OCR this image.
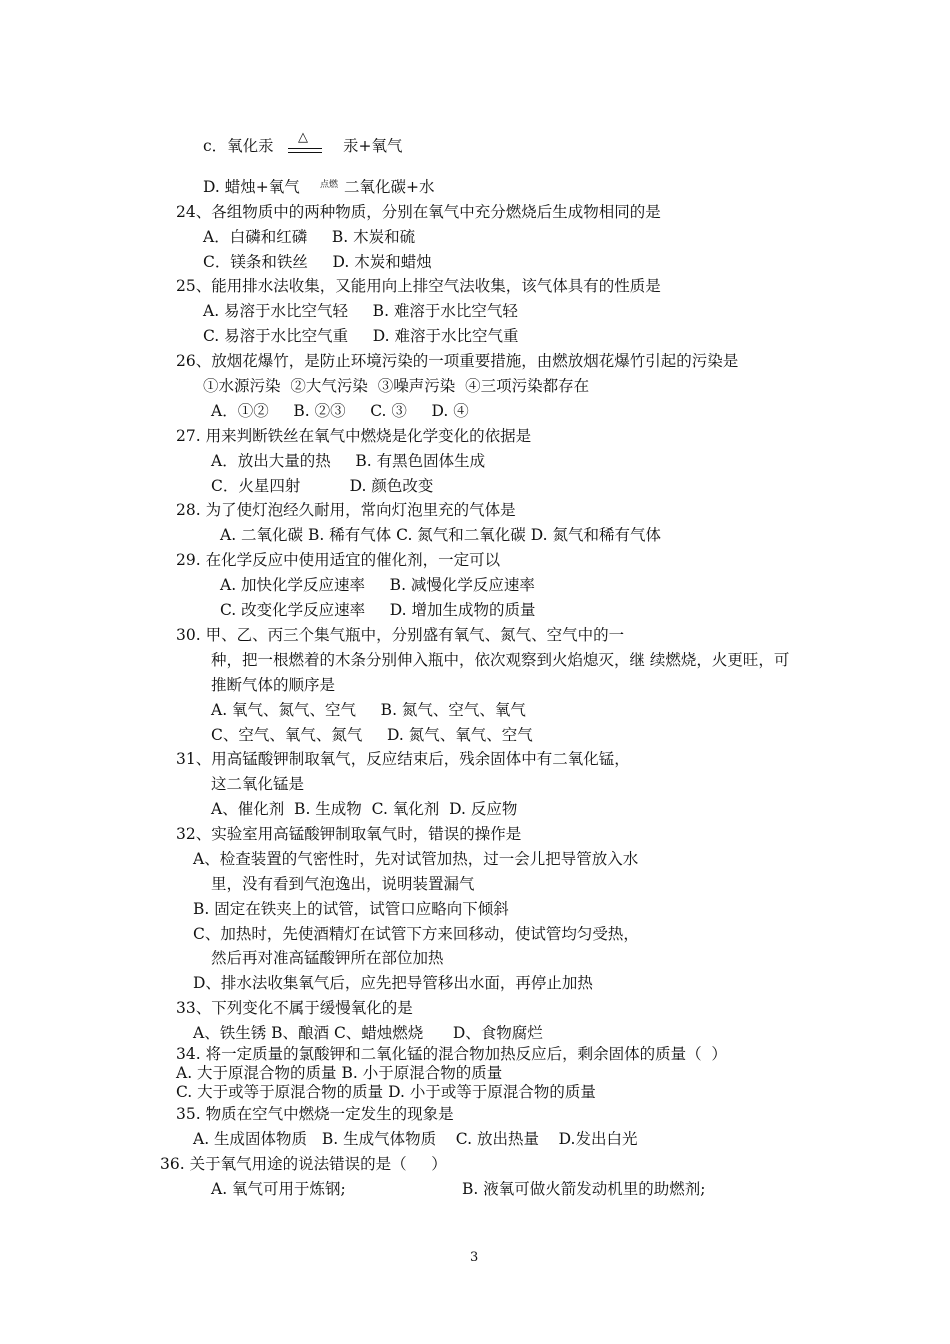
c．氧化汞 △ 汞+氧气
D. 蜡烛+氧气 点燃 二氧化碳+水
24、各组物质中的两种物质，分别在氧气中充分燃烧后生成物相同的是
A．白磷和红磷     B. 木炭和硫
C．镁条和铁丝     D. 木炭和蜡烛
25、能用排水法收集，又能用向上排空气法收集，该气体具有的性质是
A. 易溶于水比空气轻     B. 难溶于水比空气轻
C. 易溶于水比空气重     D. 难溶于水比空气重
26、放烟花爆竹，是防止环境污染的一项重要措施，由燃放烟花爆竹引起的污染是
①水源污染  ②大气污染  ③噪声污染  ④三项污染都存在
A．①②     B. ②③     C. ③     D. ④
27. 用来判断铁丝在氧气中燃烧是化学变化的依据是
A．放出大量的热     B. 有黑色固体生成
C．火星四射          D. 颜色改变
28. 为了使灯泡经久耐用，常向灯泡里充的气体是
A. 二氧化碳 B. 稀有气体 C. 氮气和二氧化碳 D. 氮气和稀有气体
29. 在化学反应中使用适宜的催化剂，一定可以
A. 加快化学反应速率     B. 减慢化学反应速率
C. 改变化学反应速率     D. 增加生成物的质量
30. 甲、乙、丙三个集气瓶中，分别盛有氧气、氮气、空气中的一
种，把一根燃着的木条分别伸入瓶中，依次观察到火焰熄灭，继 续燃烧，火更旺，可
推断气体的顺序是
A. 氧气、氮气、空气     B. 氮气、空气、氧气
C、空气、氧气、氮气     D. 氮气、氧气、空气
31、用高锰酸钾制取氧气，反应结束后，残余固体中有二氧化锰，
这二氧化锰是
A、催化剂  B. 生成物  C. 氧化剂  D. 反应物
32、实验室用高锰酸钾制取氧气时，错误的操作是
A、检查装置的气密性时，先对试管加热，过一会儿把导管放入水
里，没有看到气泡逸出，说明装置漏气
B. 固定在铁夹上的试管，试管口应略向下倾斜
C、加热时，先使酒精灯在试管下方来回移动，使试管均匀受热，
然后再对准高锰酸钾所在部位加热
D、排水法收集氧气后，应先把导管移出水面，再停止加热
33、下列变化不属于缓慢氧化的是
A、铁生锈 B、酿酒 C、蜡烛燃烧      D、食物腐烂
34. 将一定质量的氯酸钾和二氧化锰的混合物加热反应后，剩余固体的质量（  ）
A. 大于原混合物的质量 B. 小于原混合物的质量
C. 大于或等于原混合物的质量 D. 小于或等于原混合物的质量
35. 物质在空气中燃烧一定发生的现象是
A. 生成固体物质   B. 生成气体物质    C. 放出热量    D.发出白光
36. 关于氧气用途的说法错误的是（     ）
A. 氧气可用于炼钢;	B. 液氧可做火箭发动机里的助燃剂;
3
